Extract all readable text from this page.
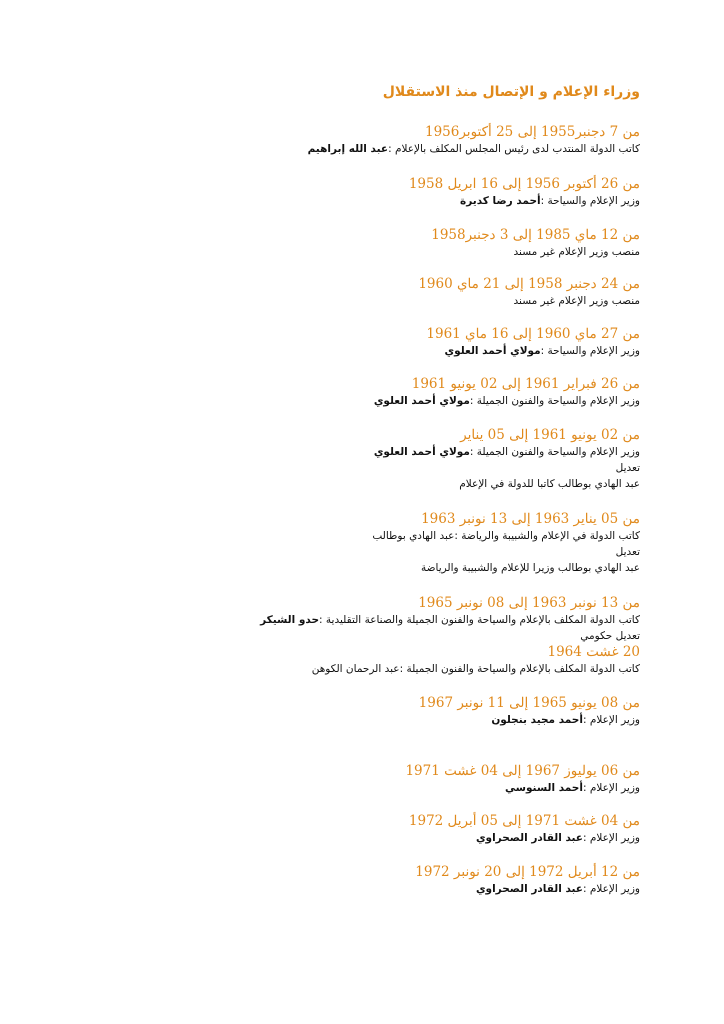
وزراء الإعلام و الإتصال منذ الاستقلال
من 7 دجنبر1955 إلى 25 أكتوبر1956
كاتب الدولة المنتدب لدى رئيس المجلس المكلف بالإعلام :عبد الله إبراهيم
من 26 أكتوبر 1956 إلى 16 ابريل 1958
وزير الإعلام والسياحة :أحمد رضا كديرة
من 12 ماي 1985 إلى 3 دجنبر1958
منصب وزير الإعلام غير مسند
من 24 دجنبر 1958 إلى 21 ماي 1960
منصب وزير الإعلام غير مسند
من 27 ماي 1960 إلى 16 ماي 1961
وزير الإعلام والسياحة :مولاي أحمد العلوي
من 26 فبراير 1961 إلى 02 يونيو 1961
وزير الإعلام والسياحة والفنون الجميلة :مولاي أحمد العلوي
من 02 يونيو 1961 إلى 05 يناير
وزير الإعلام والسياحة والفنون الجميلة :مولاي أحمد العلوي
تعديل
عبد الهادي بوطالب كاتبا للدولة في الإعلام
من 05 يناير 1963 إلى 13 نونبر 1963
كاتب الدولة في الإعلام والشبيبة والرياضة :عبد الهادي بوطالب
تعديل
عبد الهادي بوطالب وزيرا للإعلام والشبيبة والرياضة
من 13 نونبر 1963 إلى 08 نونبر 1965
كاتب الدولة المكلف بالإعلام والسياحة والفنون الجميلة والصناعة التقليدية :حدو الشيكر
تعديل حكومي
20 غشت 1964
كاتب الدولة المكلف بالإعلام والسياحة والفنون الجميلة :عبد الرحمان الكوهن
من 08 يونيو 1965 إلى 11 نونبر 1967
وزير الإعلام :أحمد مجيد بنجلون
من 06 يوليوز 1967 إلى 04 غشت 1971
وزير الإعلام :أحمد السنوسي
من 04 غشت 1971 إلى 05 أبريل 1972
وزير الإعلام :عبد القادر الصحراوي
من 12 أبريل 1972 إلى 20 نونبر 1972
وزير الإعلام :عبد القادر الصحراوي
